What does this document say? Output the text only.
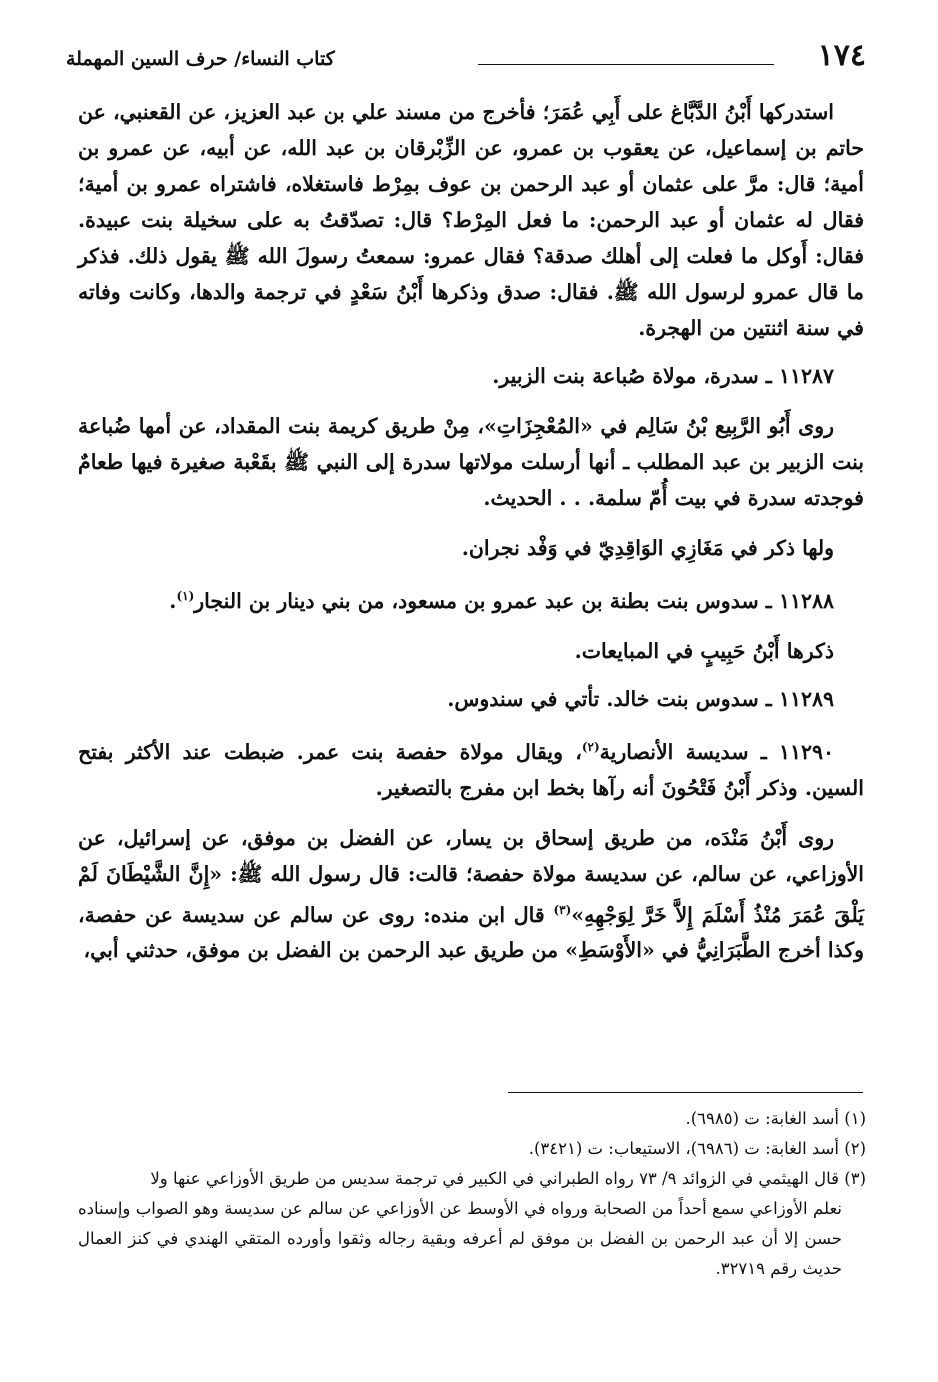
١٧٤
كتاب النساء/ حرف السين المهملة

استدركها أَبْنُ الدَّبَّاغ على أَبِي عُمَرَ؛ فأخرج من مسند علي بن عبد العزيز، عن القعنبي، عن حاتم بن إسماعيل، عن يعقوب بن عمرو، عن الزِّبْرقان بن عبد الله، عن أبيه، عن عمرو بن أمية؛ قال: مرَّ على عثمان أو عبد الرحمن بن عوف بمِرْط فاستغلاه، فاشتراه عمرو بن أمية؛ فقال له عثمان أو عبد الرحمن: ما فعل المِرْط؟ قال: تصدّقتُ به على سخيلة بنت عبيدة. فقال: أَوكل ما فعلت إلى أهلك صدقة؟ فقال عمرو: سمعتُ رسولَ الله ﷺ يقول ذلك. فذكر ما قال عمرو لرسول الله ﷺ. فقال: صدق وذكرها أَبْنُ سَعْدٍ في ترجمة والدها، وكانت وفاته في سنة اثنتين من الهجرة.

١١٢٨٧ ـ سدرة، مولاة صُباعة بنت الزبير.

روى أَبُو الرَّبِيع بْنُ سَالِم في «المُعْجِزَاتِ»، مِنْ طريق كريمة بنت المقداد، عن أمها ضُباعة بنت الزبير بن عبد المطلب ـ أنها أرسلت مولاتها سدرة إلى النبي ﷺ بقَعْبة صغيرة فيها طعامٌ فوجدته سدرة في بيت أُمّ سلمة. . . الحديث.

ولها ذكر في مَغَازِي الوَاقِدِيّ في وَفْد نجران.

١١٢٨٨ ـ سدوس بنت بطنة بن عبد عمرو بن مسعود، من بني دينار بن النجار$^{(١)}$.

ذكرها أَبْنُ حَبِيبٍ في المبايعات.

١١٢٨٩ ـ سدوس بنت خالد. تأتي في سندوس.

١١٢٩٠ ـ سديسة الأنصارية$^{(٢)}$، ويقال مولاة حفصة بنت عمر. ضبطت عند الأكثر بفتح السين. وذكر أَبْنُ فَتْحُونَ أنه رآها بخط ابن مفرج بالتصغير.

روى أَبْنُ مَنْدَه، من طريق إسحاق بن يسار، عن الفضل بن موفق، عن إسرائيل، عن الأوزاعي، عن سالم، عن سديسة مولاة حفصة؛ قالت: قال رسول الله ﷺ: «إِنَّ الشَّيْطَانَ لَمْ يَلْقَ عُمَرَ مُنْذُ أَسْلَمَ إِلاَّ خَرَّ لِوَجْهِهِ»$^{(٣)}$ قال ابن منده: روى عن سالم عن سديسة عن حفصة، وكذا أخرج الطَّبَرَانِيُّ في «الأَوْسَطِ» من طريق عبد الرحمن بن الفضل بن موفق، حدثني أبي،

(١) أسد الغابة: ت (٦٩٨٥).

(٢) أسد الغابة: ت (٦٩٨٦)، الاستيعاب: ت (٣٤٢١).

(٣) قال الهيثمي في الزوائد ٩/ ٧٣ رواه الطبراني في الكبير في ترجمة سديس من طريق الأوزاعي عنها ولا
نعلم الأوزاعي سمع أحداً من الصحابة ورواه في الأوسط عن الأوزاعي عن سالم عن سديسة وهو الصواب وإسناده حسن إلا أن عبد الرحمن بن الفضل بن موفق لم أعرفه وبقية رجاله وثقوا وأورده المتقي الهندي في كنز العمال حديث رقم ٣٢٧١٩.
